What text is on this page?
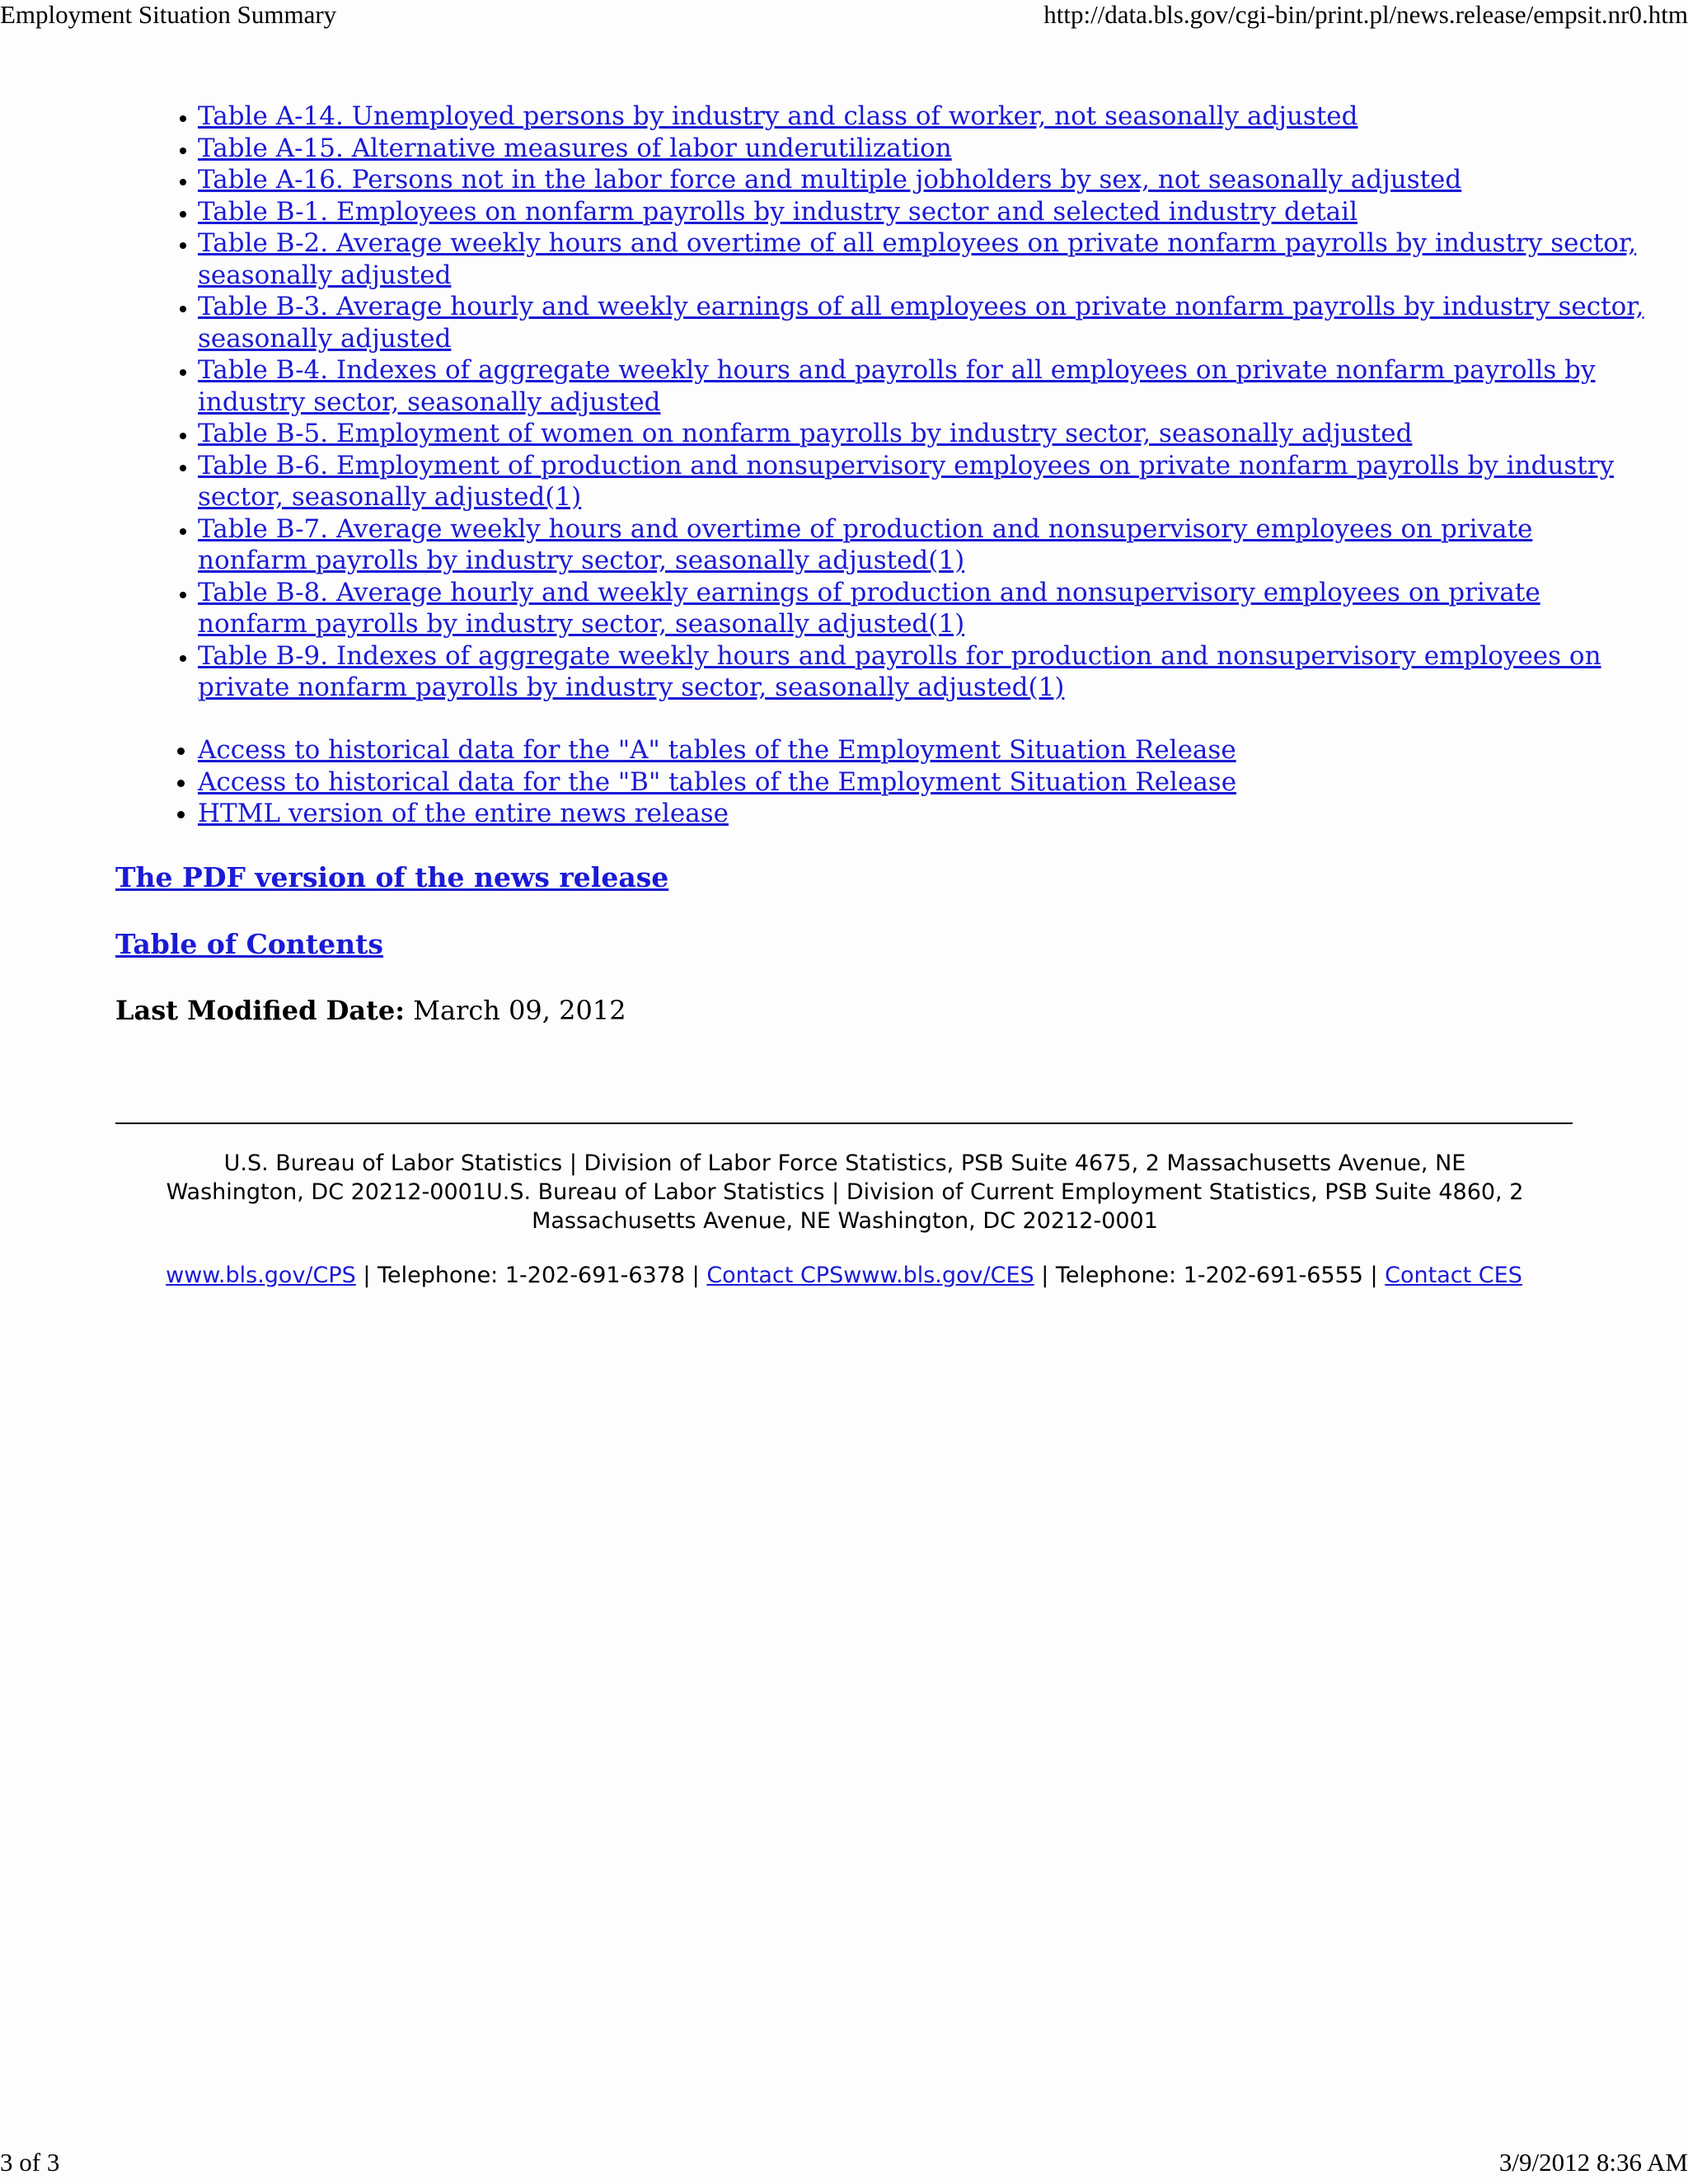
Employment Situation Summary	http://data.bls.gov/cgi-bin/print.pl/news.release/empsit.nr0.htm
• Table A-14. Unemployed persons by industry and class of worker, not seasonally adjusted
• Table A-15. Alternative measures of labor underutilization
• Table A-16. Persons not in the labor force and multiple jobholders by sex, not seasonally adjusted
• Table B-1. Employees on nonfarm payrolls by industry sector and selected industry detail
• Table B-2. Average weekly hours and overtime of all employees on private nonfarm payrolls by industry sector, seasonally adjusted
• Table B-3. Average hourly and weekly earnings of all employees on private nonfarm payrolls by industry sector, seasonally adjusted
• Table B-4. Indexes of aggregate weekly hours and payrolls for all employees on private nonfarm payrolls by industry sector, seasonally adjusted
• Table B-5. Employment of women on nonfarm payrolls by industry sector, seasonally adjusted
• Table B-6. Employment of production and nonsupervisory employees on private nonfarm payrolls by industry sector, seasonally adjusted(1)
• Table B-7. Average weekly hours and overtime of production and nonsupervisory employees on private nonfarm payrolls by industry sector, seasonally adjusted(1)
• Table B-8. Average hourly and weekly earnings of production and nonsupervisory employees on private nonfarm payrolls by industry sector, seasonally adjusted(1)
• Table B-9. Indexes of aggregate weekly hours and payrolls for production and nonsupervisory employees on private nonfarm payrolls by industry sector, seasonally adjusted(1)
• Access to historical data for the "A" tables of the Employment Situation Release
• Access to historical data for the "B" tables of the Employment Situation Release
• HTML version of the entire news release
The PDF version of the news release
Table of Contents
Last Modified Date: March 09, 2012
U.S. Bureau of Labor Statistics | Division of Labor Force Statistics, PSB Suite 4675, 2 Massachusetts Avenue, NE Washington, DC 20212-0001U.S. Bureau of Labor Statistics | Division of Current Employment Statistics, PSB Suite 4860, 2 Massachusetts Avenue, NE Washington, DC 20212-0001
www.bls.gov/CPS | Telephone: 1-202-691-6378 | Contact CPSwww.bls.gov/CES | Telephone: 1-202-691-6555 | Contact CES
3 of 3	3/9/2012 8:36 AM
